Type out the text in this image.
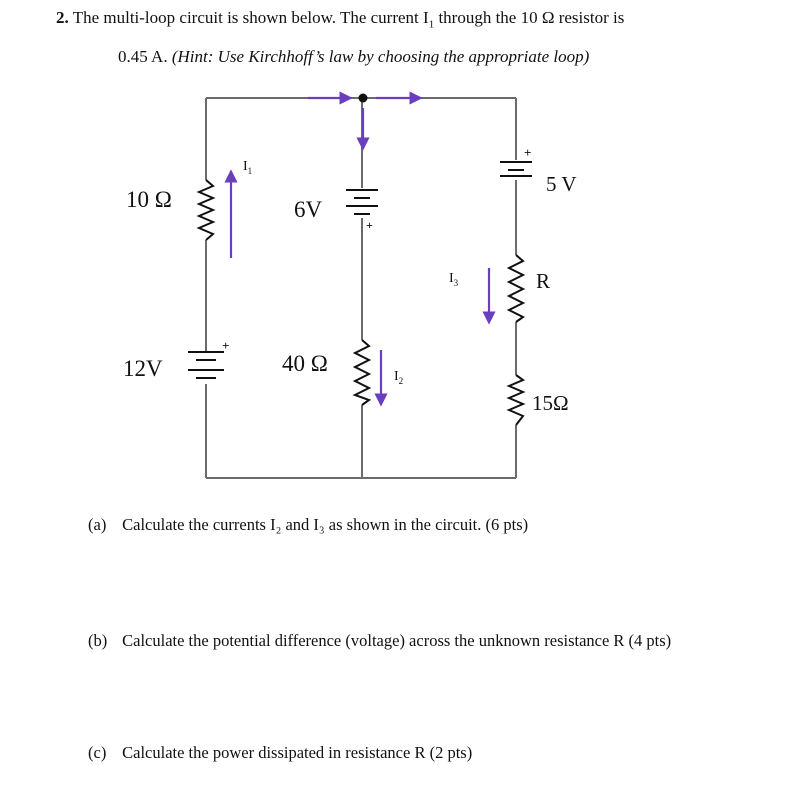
2. The multi-loop circuit is shown below. The current $I_1$ through the 10 Ω resistor is
0.45 A. (Hint: Use Kirchhoff’s law by choosing the appropriate loop)
+
+
+
10 Ω	6V
5 V
R
12V	40 Ω
15Ω
$I_1$
$I_2$
$I_3$
(a) Calculate the currents I₂ and I₃ as shown in the circuit. (6 pts)
(b) Calculate the potential difference (voltage) across the unknown resistance R (4 pts)
(c) Calculate the power dissipated in resistance R (2 pts)
